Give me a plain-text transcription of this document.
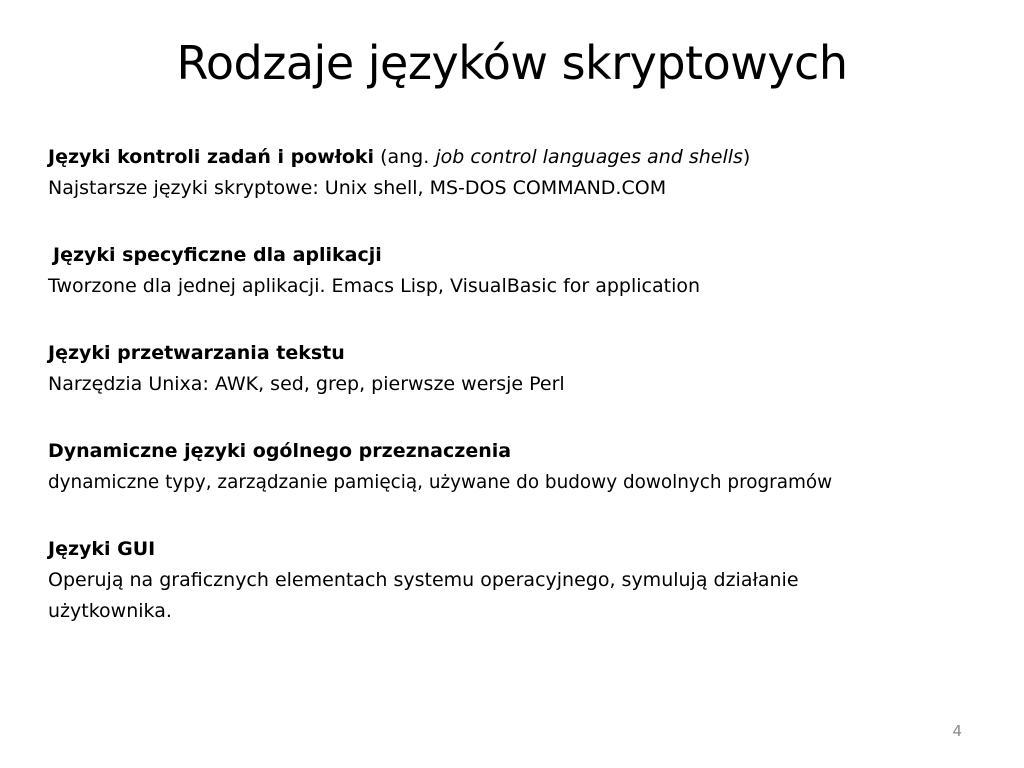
Rodzaje języków skryptowych
Języki kontroli zadań i powłoki (ang. job control languages and shells)
Najstarsze języki skryptowe: Unix shell, MS-DOS COMMAND.COM
Języki specyficzne dla aplikacji
Tworzone dla jednej aplikacji. Emacs Lisp, VisualBasic for application
Języki przetwarzania tekstu
Narzędzia Unixa: AWK, sed, grep, pierwsze wersje Perl
Dynamiczne języki ogólnego przeznaczenia
dynamiczne typy, zarządzanie pamięcią, używane do budowy dowolnych programów
Języki GUI
Operują na graficznych elementach systemu operacyjnego, symulują działanie użytkownika.
4
